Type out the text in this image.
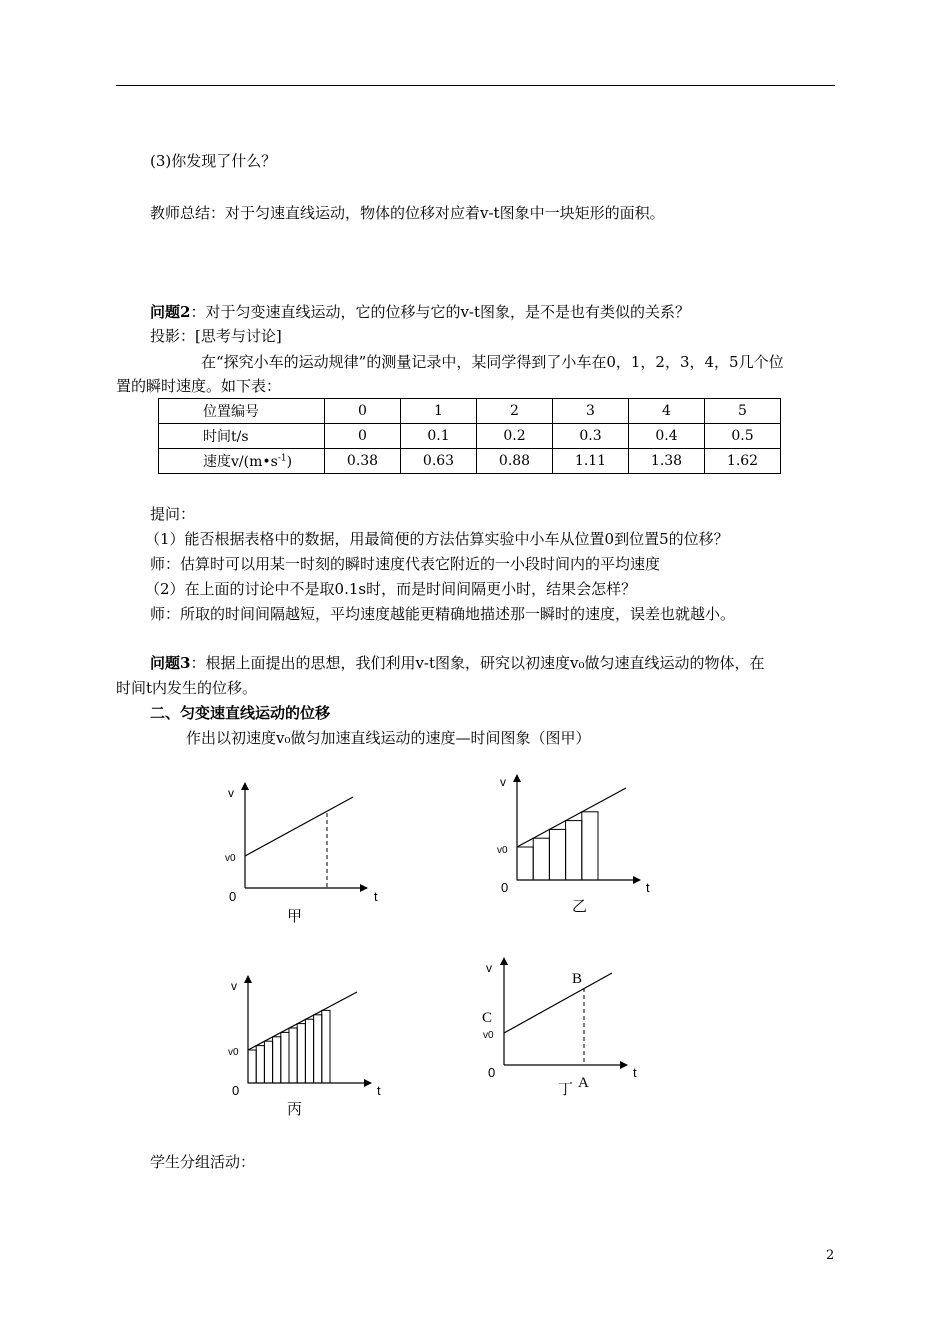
(3)你发现了什么？
教师总结：对于匀速直线运动，物体的位移对应着v-t图象中一块矩形的面积。
问题2：对于匀变速直线运动，它的位移与它的v-t图象，是不是也有类似的关系？
投影：[思考与讨论]
在“探究小车的运动规律”的测量记录中，某同学得到了小车在0，1，2，3，4，5几个位
置的瞬时速度。如下表：
位置编号	0	1	2	3	4	5
时间t/s	0	0.1	0.2	0.3	0.4	0.5
速度$v/(m•s^{-1})$	0.38	0.63	0.88	1.11	1.38	1.62
提问：
（1）能否根据表格中的数据，用最简便的方法估算实验中小车从位置0到位置5的位移？
师：估算时可以用某一时刻的瞬时速度代表它附近的一小段时间内的平均速度
（2）在上面的讨论中不是取0.1s时，而是时间间隔更小时，结果会怎样？
师：所取的时间间隔越短，平均速度越能更精确地描述那一瞬时的速度，误差也就越小。
问题3：根据上面提出的思想，我们利用v-t图象，研究以初速度v₀做匀速直线运动的物体，在
时间t内发生的位移。
二、匀变速直线运动的位移
作出以初速度v₀做匀加速直线运动的速度—时间图象（图甲）
v
v0
0	t
甲
v
v0
0	t
乙
v
v0
0	t
丙
v
v0
0	t
B
C
A
丁
学生分组活动：
2
